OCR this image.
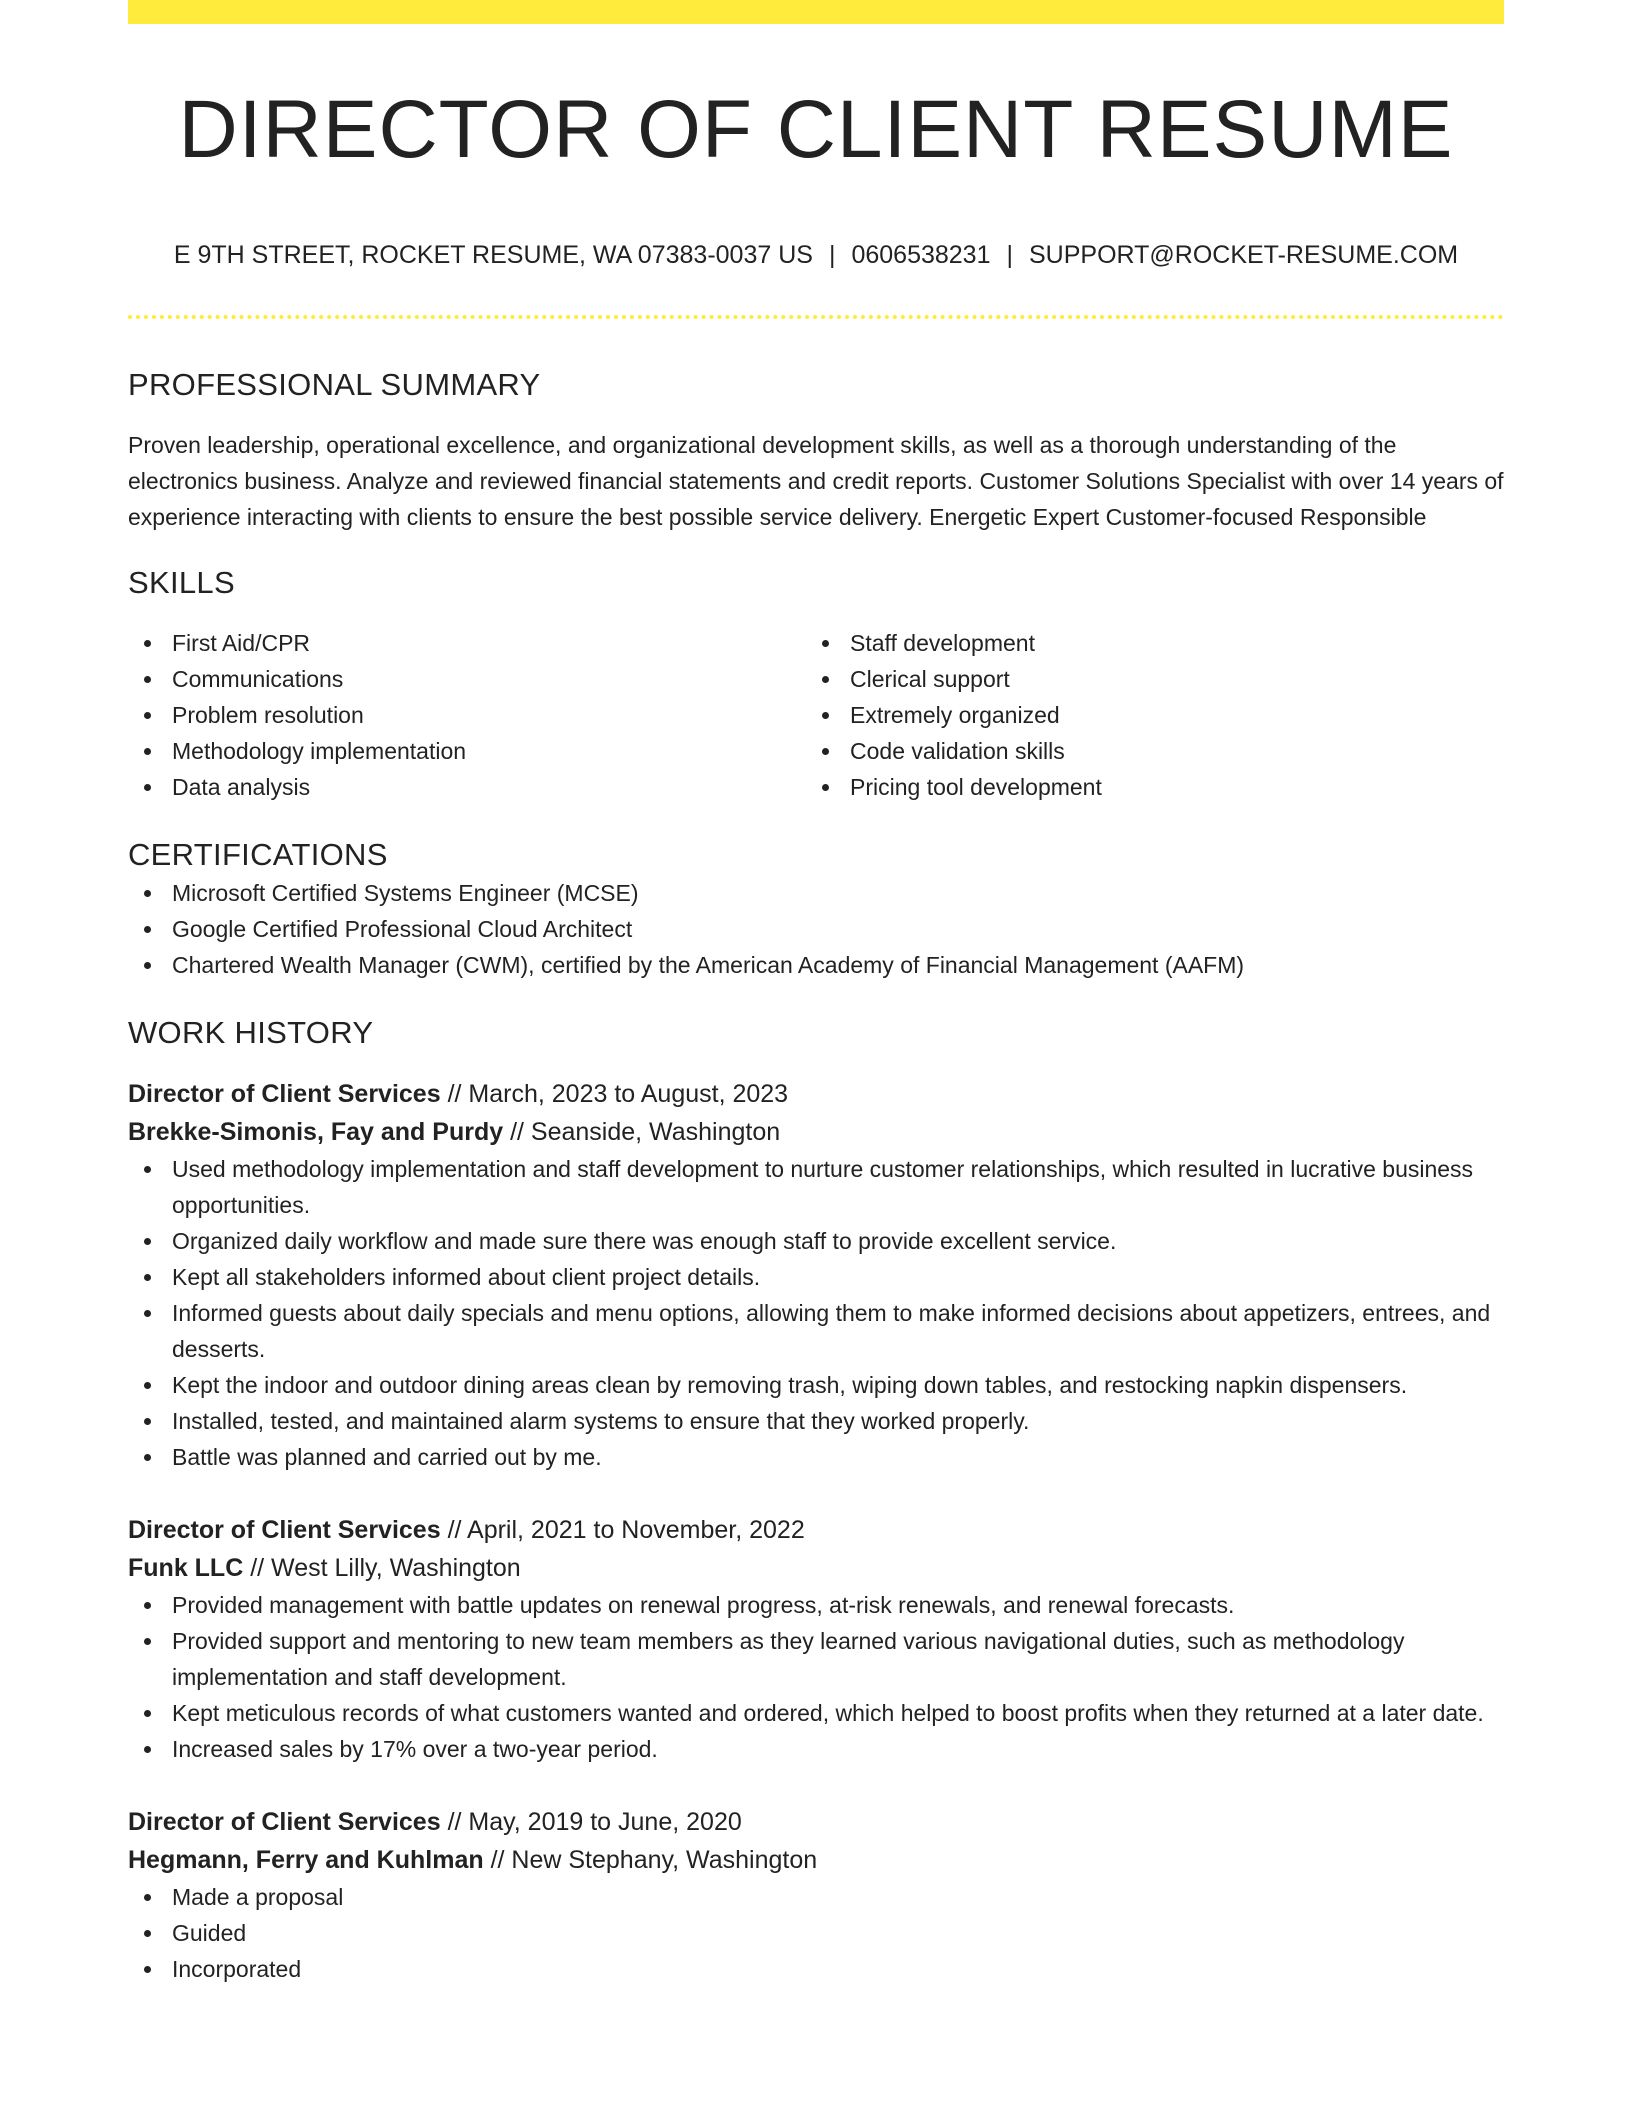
DIRECTOR OF CLIENT RESUME
E 9TH STREET, ROCKET RESUME, WA 07383-0037 US | 0606538231 | SUPPORT@ROCKET-RESUME.COM
PROFESSIONAL SUMMARY
Proven leadership, operational excellence, and organizational development skills, as well as a thorough understanding of the electronics business. Analyze and reviewed financial statements and credit reports. Customer Solutions Specialist with over 14 years of experience interacting with clients to ensure the best possible service delivery. Energetic Expert Customer-focused Responsible
SKILLS
First Aid/CPR
Communications
Problem resolution
Methodology implementation
Data analysis
Staff development
Clerical support
Extremely organized
Code validation skills
Pricing tool development
CERTIFICATIONS
Microsoft Certified Systems Engineer (MCSE)
Google Certified Professional Cloud Architect
Chartered Wealth Manager (CWM), certified by the American Academy of Financial Management (AAFM)
WORK HISTORY
Director of Client Services // March, 2023 to August, 2023
Brekke-Simonis, Fay and Purdy // Seanside, Washington
Used methodology implementation and staff development to nurture customer relationships, which resulted in lucrative business opportunities.
Organized daily workflow and made sure there was enough staff to provide excellent service.
Kept all stakeholders informed about client project details.
Informed guests about daily specials and menu options, allowing them to make informed decisions about appetizers, entrees, and desserts.
Kept the indoor and outdoor dining areas clean by removing trash, wiping down tables, and restocking napkin dispensers.
Installed, tested, and maintained alarm systems to ensure that they worked properly.
Battle was planned and carried out by me.
Director of Client Services // April, 2021 to November, 2022
Funk LLC // West Lilly, Washington
Provided management with battle updates on renewal progress, at-risk renewals, and renewal forecasts.
Provided support and mentoring to new team members as they learned various navigational duties, such as methodology implementation and staff development.
Kept meticulous records of what customers wanted and ordered, which helped to boost profits when they returned at a later date.
Increased sales by 17% over a two-year period.
Director of Client Services // May, 2019 to June, 2020
Hegmann, Ferry and Kuhlman // New Stephany, Washington
Made a proposal
Guided
Incorporated
